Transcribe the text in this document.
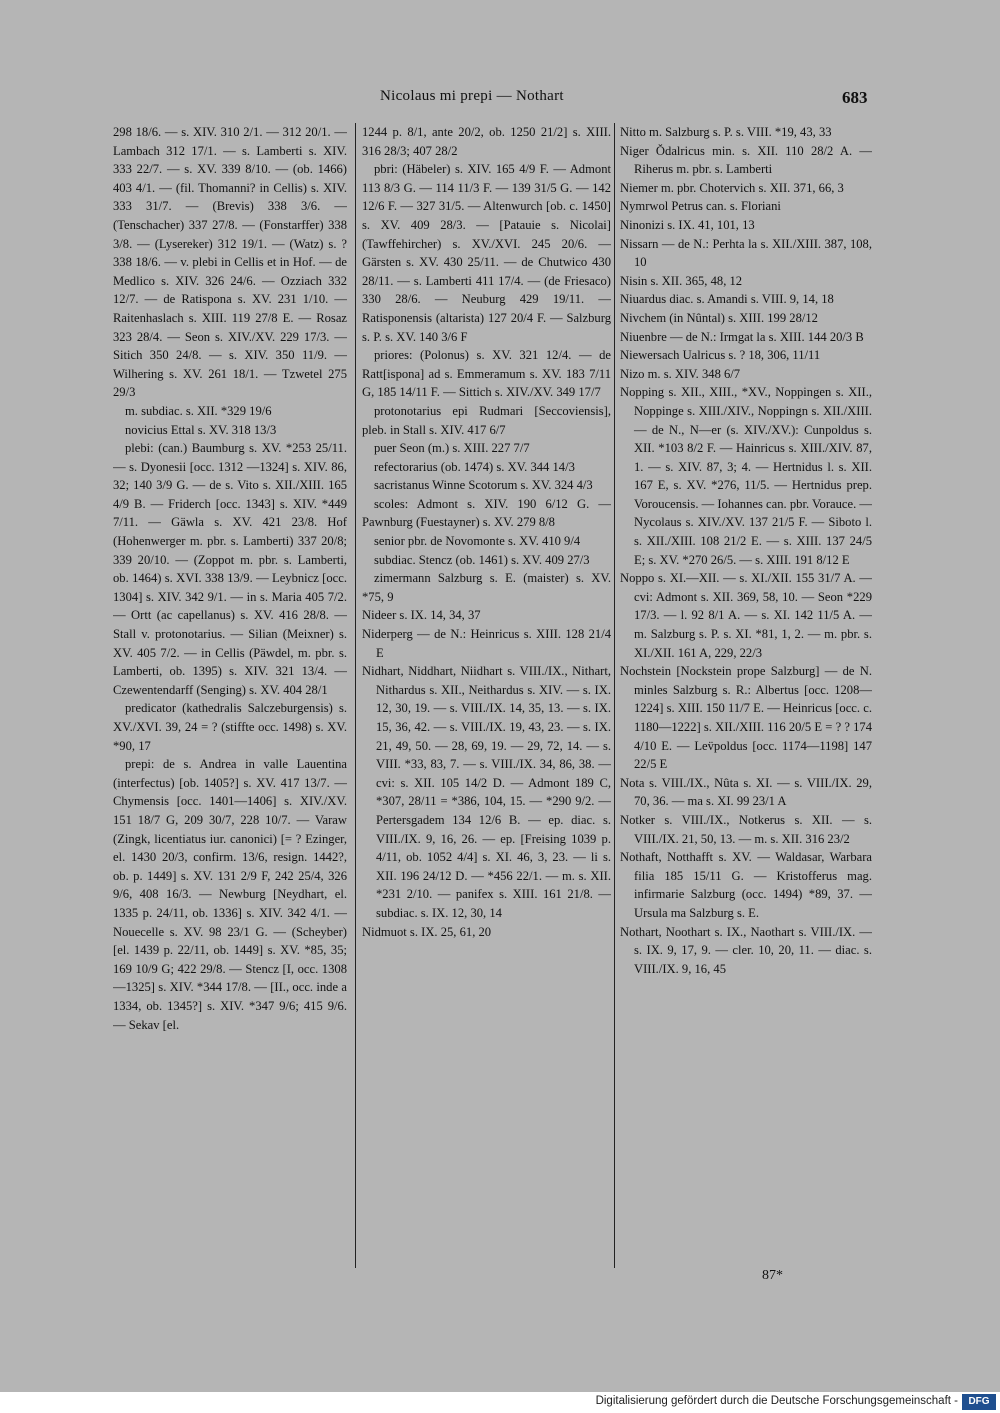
Nicolaus mi prepi — Nothart	683

298 18/6. — s. XIV. 310 2/1. — 312 20/1. — Lambach 312 17/1. — s. Lamberti s. XIV. 333 22/7. — s. XV. 339 8/10. — (ob. 1466) 403 4/1. — (fil. Thomanni? in Cellis) s. XIV. 333 31/7. — (Brevis) 338 3/6. — (Tenschacher) 337 27/8. — (Fonstarffer) 338 3/8. — (Lysereker) 312 19/1. — (Watz) s. ? 338 18/6. — v. plebi in Cellis et in Hof. — de Medlico s. XIV. 326 24/6. — Ozziach 332 12/7. — de Ratispona s. XV. 231 1/10. — Raitenhaslach s. XIII. 119 27/8 E. — Rosaz 323 28/4. — Seon s. XIV./XV. 229 17/3. — Sitich 350 24/8. — s. XIV. 350 11/9. — Wilhering s. XV. 261 18/1. — Tzwetel 275 29/3

m. subdiac. s. XII. *329 19/6

novicius Ettal s. XV. 318 13/3

plebi: (can.) Baumburg s. XV. *253 25/11. — s. Dyonesii [occ. 1312 —1324] s. XIV. 86, 32; 140 3/9 G. — de s. Vito s. XII./XIII. 165 4/9 B. — Friderch [occ. 1343] s. XIV. *449 7/11. — Gäwla s. XV. 421 23/8. Hof (Hohenwerger m. pbr. s. Lamberti) 337 20/8; 339 20/10. — (Zoppot m. pbr. s. Lamberti, ob. 1464) s. XVI. 338 13/9. — Leybnicz [occ. 1304] s. XIV. 342 9/1. — in s. Maria 405 7/2. — Ortt (ac capellanus) s. XV. 416 28/8. — Stall v. protonotarius. — Silian (Meixner) s. XV. 405 7/2. — in Cellis (Päwdel, m. pbr. s. Lamberti, ob. 1395) s. XIV. 321 13/4. — Czewentendarff (Senging) s. XV. 404 28/1

predicator (kathedralis Salczeburgensis) s. XV./XVI. 39, 24 = ? (stiffte occ. 1498) s. XV. *90, 17

prepi: de s. Andrea in valle Lauentina (interfectus) [ob. 1405?] s. XV. 417 13/7. — Chymensis [occ. 1401—1406] s. XIV./XV. 151 18/7 G, 209 30/7, 228 10/7. — Varaw (Zingk, licentiatus iur. canonici) [= ? Ezinger, el. 1430 20/3, confirm. 13/6, resign. 1442?, ob. p. 1449] s. XV. 131 2/9 F, 242 25/4, 326 9/6, 408 16/3. — Newburg [Neydhart, el. 1335 p. 24/11, ob. 1336] s. XIV. 342 4/1. — Nouecelle s. XV. 98 23/1 G. — (Scheyber) [el. 1439 p. 22/11, ob. 1449] s. XV. *85, 35; 169 10/9 G; 422 29/8. — Stencz [I, occ. 1308—1325] s. XIV. *344 17/8. — [II., occ. inde a 1334, ob. 1345?] s. XIV. *347 9/6; 415 9/6. — Sekav [el.

1244 p. 8/1, ante 20/2, ob. 1250 21/2] s. XIII. 316 28/3; 407 28/2

pbri: (Häbeler) s. XIV. 165 4/9 F. — Admont 113 8/3 G. — 114 11/3 F. — 139 31/5 G. — 142 12/6 F. — 327 31/5. — Altenwurch [ob. c. 1450] s. XV. 409 28/3. — [Patauie s. Nicolai] (Tawffehircher) s. XV./XVI. 245 20/6. — Gärsten s. XV. 430 25/11. — de Chutwico 430 28/11. — s. Lamberti 411 17/4. — (de Friesaco) 330 28/6. — Neuburg 429 19/11. — Ratisponensis (altarista) 127 20/4 F. — Salzburg s. P. s. XV. 140 3/6 F

priores: (Polonus) s. XV. 321 12/4. — de Ratt[ispona] ad s. Emmeramum s. XV. 183 7/11 G, 185 14/11 F. — Sittich s. XIV./XV. 349 17/7

protonotarius epi Rudmari [Seccoviensis], pleb. in Stall s. XIV. 417 6/7

puer Seon (m.) s. XIII. 227 7/7

refectorarius (ob. 1474) s. XV. 344 14/3

sacristanus Winne Scotorum s. XV. 324 4/3

scoles: Admont s. XIV. 190 6/12 G. — Pawnburg (Fuestayner) s. XV. 279 8/8

senior pbr. de Novomonte s. XV. 410 9/4

subdiac. Stencz (ob. 1461) s. XV. 409 27/3

zimermann Salzburg s. E. (maister) s. XV. *75, 9

Nideer s. IX. 14, 34, 37

Niderperg — de N.: Heinricus s. XIII. 128 21/4 E

Nidhart, Niddhart, Niidhart s. VIII./IX., Nithart, Nithardus s. XII., Neithardus s. XIV. — s. IX. 12, 30, 19. — s. VIII./IX. 14, 35, 13. — s. IX. 15, 36, 42. — s. VIII./IX. 19, 43, 23. — s. IX. 21, 49, 50. — 28, 69, 19. — 29, 72, 14. — s. VIII. *33, 83, 7. — s. VIII./IX. 34, 86, 38. — cvi: s. XII. 105 14/2 D. — Admont 189 C, *307, 28/11 = *386, 104, 15. — *290 9/2. — Pertersgadem 134 12/6 B. — ep. diac. s. VIII./IX. 9, 16, 26. — ep. [Freising 1039 p. 4/11, ob. 1052 4/4] s. XI. 46, 3, 23. — li s. XII. 196 24/12 D. — *456 22/1. — m. s. XII. *231 2/10. — panifex s. XIII. 161 21/8. — subdiac. s. IX. 12, 30, 14

Nidmuot s. IX. 25, 61, 20

Nitto m. Salzburg s. P. s. VIII. *19, 43, 33

Niger Ŏdalricus min. s. XII. 110 28/2 A. — Riherus m. pbr. s. Lamberti

Niemer m. pbr. Chotervich s. XII. 371, 66, 3

Nymrwol Petrus can. s. Floriani

Ninonizi s. IX. 41, 101, 13

Nissarn — de N.: Perhta la s. XII./XIII. 387, 108, 10

Nisin s. XII. 365, 48, 12

Niuardus diac. s. Amandi s. VIII. 9, 14, 18

Nivchem (in Nûntal) s. XIII. 199 28/12

Niuenbre — de N.: Irmgat la s. XIII. 144 20/3 B

Niewersach Ualricus s. ? 18, 306, 11/11

Nizo m. s. XIV. 348 6/7

Nopping s. XII., XIII., *XV., Noppingen s. XII., Noppinge s. XIII./XIV., Noppingn s. XII./XIII. — de N., N—er (s. XIV./XV.): Cunpoldus s. XII. *103 8/2 F. — Hainricus s. XIII./XIV. 87, 1. — s. XIV. 87, 3; 4. — Hertnidus l. s. XII. 167 E, s. XV. *276, 11/5. — Hertnidus prep. Voroucensis. — Iohannes can. pbr. Vorauce. — Nycolaus s. XIV./XV. 137 21/5 F. — Siboto l. s. XII./XIII. 108 21/2 E. — s. XIII. 137 24/5 E; s. XV. *270 26/5. — s. XIII. 191 8/12 E

Noppo s. XI.—XII. — s. XI./XII. 155 31/7 A. — cvi: Admont s. XII. 369, 58, 10. — Seon *229 17/3. — l. 92 8/1 A. — s. XI. 142 11/5 A. — m. Salzburg s. P. s. XI. *81, 1, 2. — m. pbr. s. XI./XII. 161 A, 229, 22/3

Nochstein [Nockstein prope Salzburg] — de N. minles Salzburg s. R.: Albertus [occ. 1208—1224] s. XIII. 150 11/7 E. — Heinricus [occ. c. 1180—1222] s. XII./XIII. 116 20/5 E = ? ? 174 4/10 E. — Lev̈poldus [occ. 1174—1198] 147 22/5 E

Nota s. VIII./IX., Nûta s. XI. — s. VIII./IX. 29, 70, 36. — ma s. XI. 99 23/1 A

Notker s. VIII./IX., Notkerus s. XII. — s. VIII./IX. 21, 50, 13. — m. s. XII. 316 23/2

Nothaft, Notthafft s. XV. — Waldasar, Warbara filia 185 15/11 G. — Kristofferus mag. infirmarie Salzburg (occ. 1494) *89, 37. — Ursula ma Salzburg s. E.

Nothart, Noothart s. IX., Naothart s. VIII./IX. — s. IX. 9, 17, 9. — cler. 10, 20, 11. — diac. s. VIII./IX. 9, 16, 45

87*
Digitalisierung gefördert durch die Deutsche Forschungsgemeinschaft -	DFG
